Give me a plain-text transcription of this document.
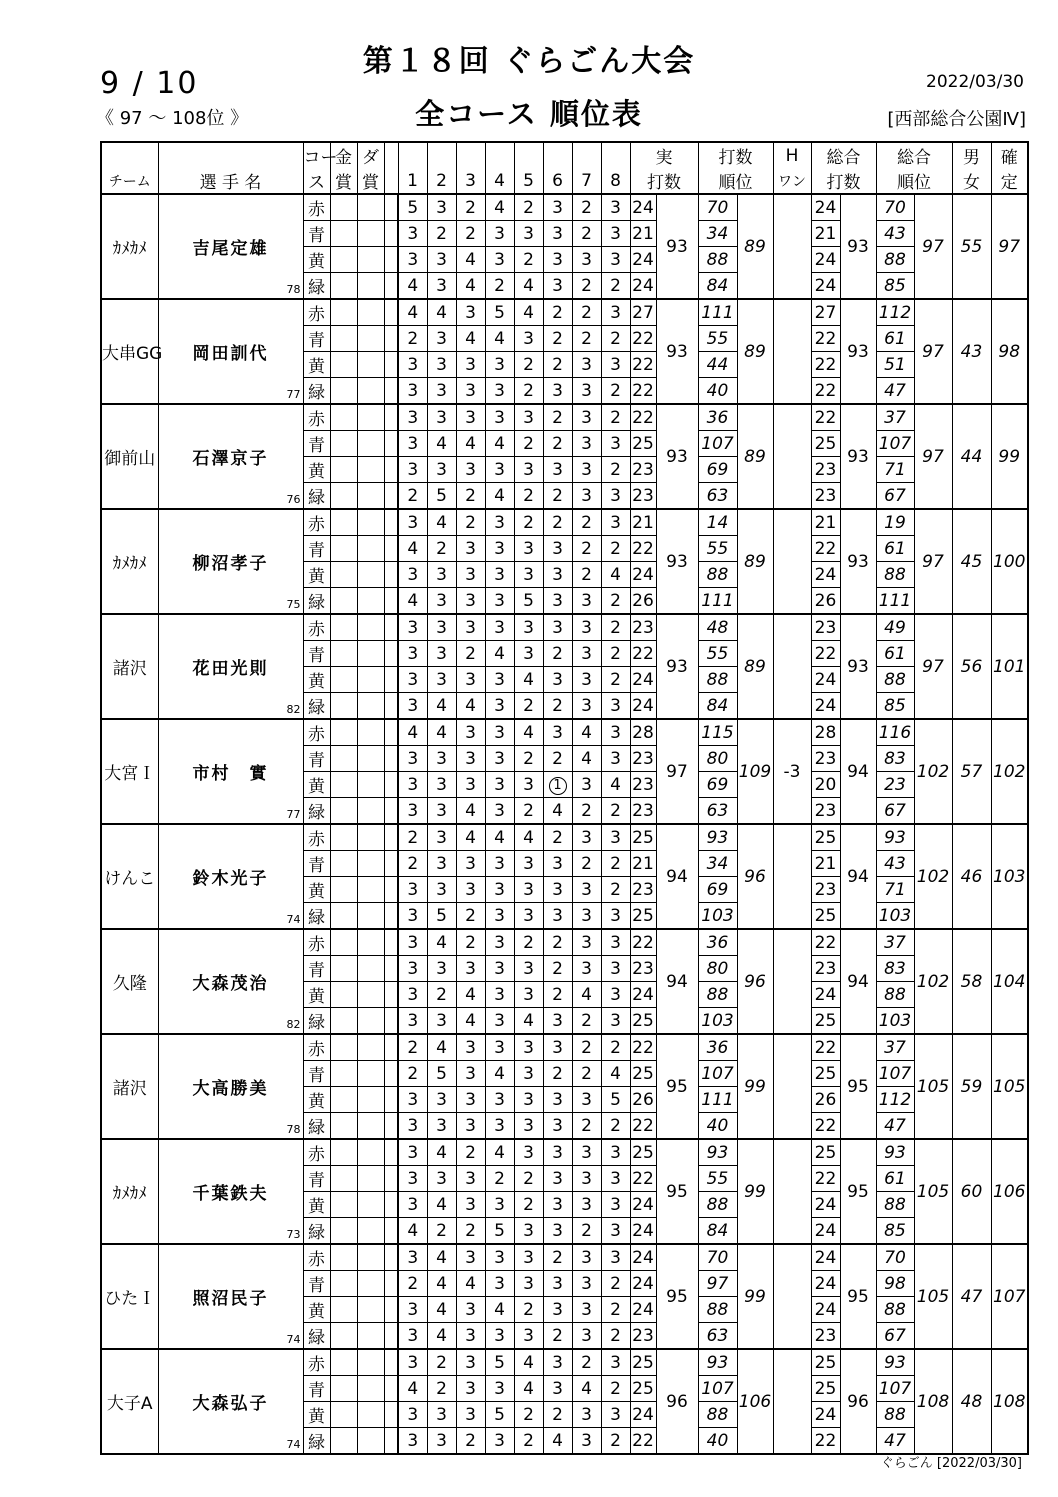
第１８回 ぐらごん大会
全コース 順位表
9 / 10
《 97 ～ 108位 》
2022/03/30
[西部総合公園Ⅳ]
		コー	金	ダ										実		打数		H	総合		総合		男	確
チーム	選 手 名	ス	賞	賞		1	2	3	4	5	6	7	8	打数		順位		ワン	打数		順位		女	定
ｶﾒｶﾒ	吉尾定雄
78	赤				5	3	2	4	2	3	2	3	24	93	70	89		24	93	70	97	55	97
		青				3	2	2	3	3	3	2	3	21		34			21		43			
		黄				3	3	4	3	2	3	3	3	24		88			24		88			
		緑				4	3	4	2	4	3	2	2	24		84			24		85			
大串GG	岡田訓代
77	赤				4	4	3	5	4	2	2	3	27	93	111	89		27	93	112	97	43	98
		青				2	3	4	4	3	2	2	2	22		55			22		61			
		黄				3	3	3	3	2	2	3	3	22		44			22		51			
		緑				3	3	3	3	2	3	3	2	22		40			22		47			
御前山	石澤京子
76	赤				3	3	3	3	3	2	3	2	22	93	36	89		22	93	37	97	44	99
		青				3	4	4	4	2	2	3	3	25		107			25		107			
		黄				3	3	3	3	3	3	3	2	23		69			23		71			
		緑				2	5	2	4	2	2	3	3	23		63			23		67			
ｶﾒｶﾒ	柳沼孝子
75	赤				3	4	2	3	2	2	2	3	21	93	14	89		21	93	19	97	45	100
		青				4	2	3	3	3	3	2	2	22		55			22		61			
		黄				3	3	3	3	3	3	2	4	24		88			24		88			
		緑				4	3	3	3	5	3	3	2	26		111			26		111			
諸沢	花田光則
82	赤				3	3	3	3	3	3	3	2	23	93	48	89		23	93	49	97	56	101
		青				3	3	2	4	3	2	3	2	22		55			22		61			
		黄				3	3	3	3	4	3	3	2	24		88			24		88			
		緑				3	4	4	3	2	2	3	3	24		84			24		85			
大宮Ｉ	市村　實
77	赤				4	4	3	3	4	3	4	3	28	97	115	109	-3	28	94	116	102	57	102
		青				3	3	3	3	2	2	4	3	23		80			23		83			
		黄				3	3	3	3	3	1	3	4	23		69			20		23			
		緑				3	3	4	3	2	4	2	2	23		63			23		67			
けんこ	鈴木光子
74	赤				2	3	4	4	4	2	3	3	25	94	93	96		25	94	93	102	46	103
		青				2	3	3	3	3	3	2	2	21		34			21		43			
		黄				3	3	3	3	3	3	3	2	23		69			23		71			
		緑				3	5	2	3	3	3	3	3	25		103			25		103			
久隆	大森茂治
82	赤				3	4	2	3	2	2	3	3	22	94	36	96		22	94	37	102	58	104
		青				3	3	3	3	3	2	3	3	23		80			23		83			
		黄				3	2	4	3	3	2	4	3	24		88			24		88			
		緑				3	3	4	3	4	3	2	3	25		103			25		103			
諸沢	大高勝美
78	赤				2	4	3	3	3	3	2	2	22	95	36	99		22	95	37	105	59	105
		青				2	5	3	4	3	2	2	4	25		107			25		107			
		黄				3	3	3	3	3	3	3	5	26		111			26		112			
		緑				3	3	3	3	3	3	2	2	22		40			22		47			
ｶﾒｶﾒ	千葉鉄夫
73	赤				3	4	2	4	3	3	3	3	25	95	93	99		25	95	93	105	60	106
		青				3	3	3	2	2	3	3	3	22		55			22		61			
		黄				3	4	3	3	2	3	3	3	24		88			24		88			
		緑				4	2	2	5	3	3	2	3	24		84			24		85			
ひたＩ	照沼民子
74	赤				3	4	3	3	3	2	3	3	24	95	70	99		24	95	70	105	47	107
		青				2	4	4	3	3	3	3	2	24		97			24		98			
		黄				3	4	3	4	2	3	3	2	24		88			24		88			
		緑				3	4	3	3	3	2	3	2	23		63			23		67			
大子A	大森弘子
74	赤				3	2	3	5	4	3	2	3	25	96	93	106		25	96	93	108	48	108
		青				4	2	3	3	4	3	4	2	25		107			25		107			
		黄				3	3	3	5	2	2	3	3	24		88			24		88			
		緑				3	3	2	3	2	4	3	2	22		40			22		47			
ぐらごん [2022/03/30]
